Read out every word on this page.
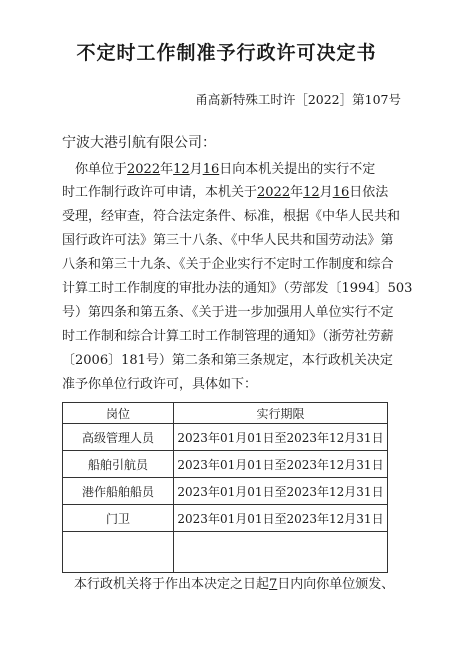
不定时工作制准予行政许可决定书
甬高新特殊工时许［2022］第107号
宁波大港引航有限公司：
你单位于2022年12月16日向本机关提出的实行不定
时工作制行政许可申请，本机关于2022年12月16日依法
受理，经审查，符合法定条件、标准，根据《中华人民共和
国行政许可法》第三十八条、《中华人民共和国劳动法》第
八条和第三十九条、《关于企业实行不定时工作制度和综合
计算工时工作制度的审批办法的通知》（劳部发〔1994〕503
号）第四条和第五条、《关于进一步加强用人单位实行不定
时工作制和综合计算工时工作制管理的通知》（浙劳社劳薪
〔2006〕181号）第二条和第三条规定，本行政机关决定
准予你单位行政许可，具体如下：
岗位	实行期限
高级管理人员	2023年01月01日至2023年12月31日
船舶引航员	2023年01月01日至2023年12月31日
港作船舶船员	2023年01月01日至2023年12月31日
门卫	2023年01月01日至2023年12月31日

本行政机关将于作出本决定之日起7日内向你单位颁发、
